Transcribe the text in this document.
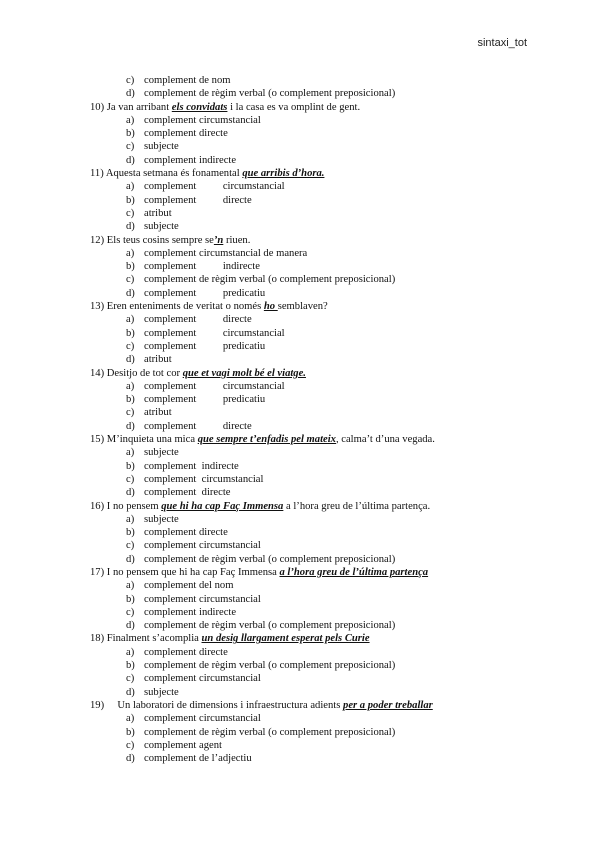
sintaxi_tot
c) complement de nom
d) complement de règim verbal (o complement preposicional)
10) Ja van arribant els convidats i la casa es va omplint de gent.
a) complement circumstancial
b) complement directe
c) subjecte
d) complement indirecte
11) Aquesta setmana és fonamental que arribis d’hora.
a) complement          circumstancial
b) complement          directe
c) atribut
d) subjecte
12) Els teus cosins sempre se’n riuen.
a) complement circumstancial de manera
b) complement          indirecte
c) complement de règim verbal (o complement preposicional)
d) complement          predicatiu
13) Eren enteniments de veritat o només ho semblaven?
a) complement          directe
b) complement          circumstancial
c) complement          predicatiu
d) atribut
14) Desitjo de tot cor que et vagi molt bé el viatge.
a) complement          circumstancial
b) complement          predicatiu
c) atribut
d) complement          directe
15) M’inquieta una mica que sempre t’enfadis pel mateix, calma’t d’una vegada.
a) subjecte
b) complement  indirecte
c) complement  circumstancial
d) complement  directe
16) I no pensem que hi ha cap Faç Immensa a l’hora greu de l’última partença.
a) subjecte
b) complement directe
c) complement circumstancial
d) complement de règim verbal (o complement preposicional)
17) I no pensem que hi ha cap Faç Immensa a l’hora greu de l’última partença
a) complement del nom
b) complement circumstancial
c) complement indirecte
d) complement de règim verbal (o complement preposicional)
18) Finalment s’acomplia un desig llargament esperat pels Curie
a) complement directe
b) complement de règim verbal (o complement preposicional)
c) complement circumstancial
d) subjecte
19)     Un laboratori de dimensions i infraestructura adients per a poder treballar
a) complement circumstancial
b) complement de règim verbal (o complement preposicional)
c) complement agent
d) complement de l’adjectiu
